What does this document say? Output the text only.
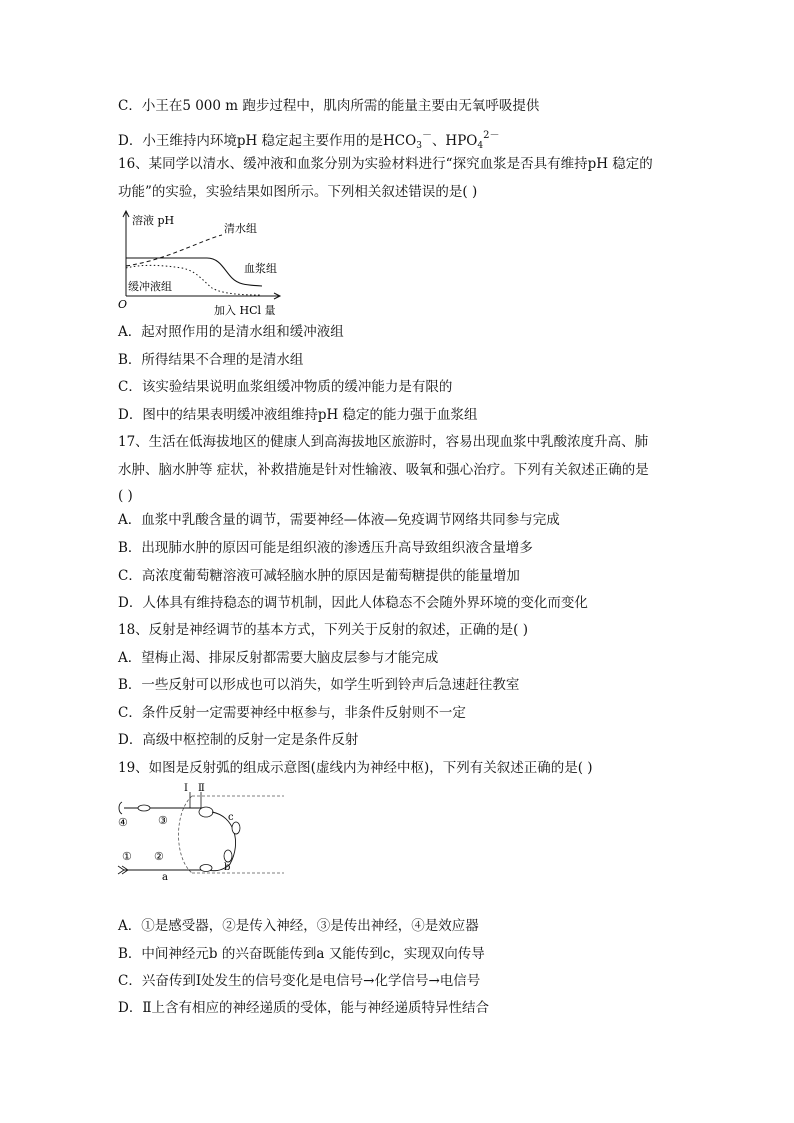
C．小王在5 000 m 跑步过程中，肌肉所需的能量主要由无氧呼吸提供
D．小王维持内环境pH 稳定起主要作用的是$HCO_3^-$、$HPO_4^{2-}$
16、某同学以清水、缓冲液和血浆分别为实验材料进行“探究血浆是否具有维持pH 稳定的
功能”的实验，实验结果如图所示。下列相关叙述错误的是( )
溶液 pH
O	加入 HCl 量
清水组
血浆组
缓冲液组
A．起对照作用的是清水组和缓冲液组
B．所得结果不合理的是清水组
C．该实验结果说明血浆组缓冲物质的缓冲能力是有限的
D．图中的结果表明缓冲液组维持pH 稳定的能力强于血浆组
17、生活在低海拔地区的健康人到高海拔地区旅游时，容易出现血浆中乳酸浓度升高、肺
水肿、脑水肿等 症状，补救措施是针对性输液、吸氧和强心治疗。下列有关叙述正确的是
( )
A．血浆中乳酸含量的调节，需要神经—体液—免疫调节网络共同参与完成
B．出现肺水肿的原因可能是组织液的渗透压升高导致组织液含量增多
C．高浓度葡萄糖溶液可减轻脑水肿的原因是葡萄糖提供的能量增加
D．人体具有维持稳态的调节机制，因此人体稳态不会随外界环境的变化而变化
18、反射是神经调节的基本方式，下列关于反射的叙述，正确的是( )
A．望梅止渴、排尿反射都需要大脑皮层参与才能完成
B．一些反射可以形成也可以消失，如学生听到铃声后急速赶往教室
C．条件反射一定需要神经中枢参与，非条件反射则不一定
D．高级中枢控制的反射一定是条件反射
19、如图是反射弧的组成示意图(虚线内为神经中枢)，下列有关叙述正确的是( )
Ⅰ Ⅱ
c
b
a
④	③
① ②
A．①是感受器，②是传入神经，③是传出神经，④是效应器
B．中间神经元b 的兴奋既能传到a 又能传到c，实现双向传导
C．兴奋传到Ⅰ处发生的信号变化是电信号→化学信号→电信号
D．Ⅱ上含有相应的神经递质的受体，能与神经递质特异性结合
